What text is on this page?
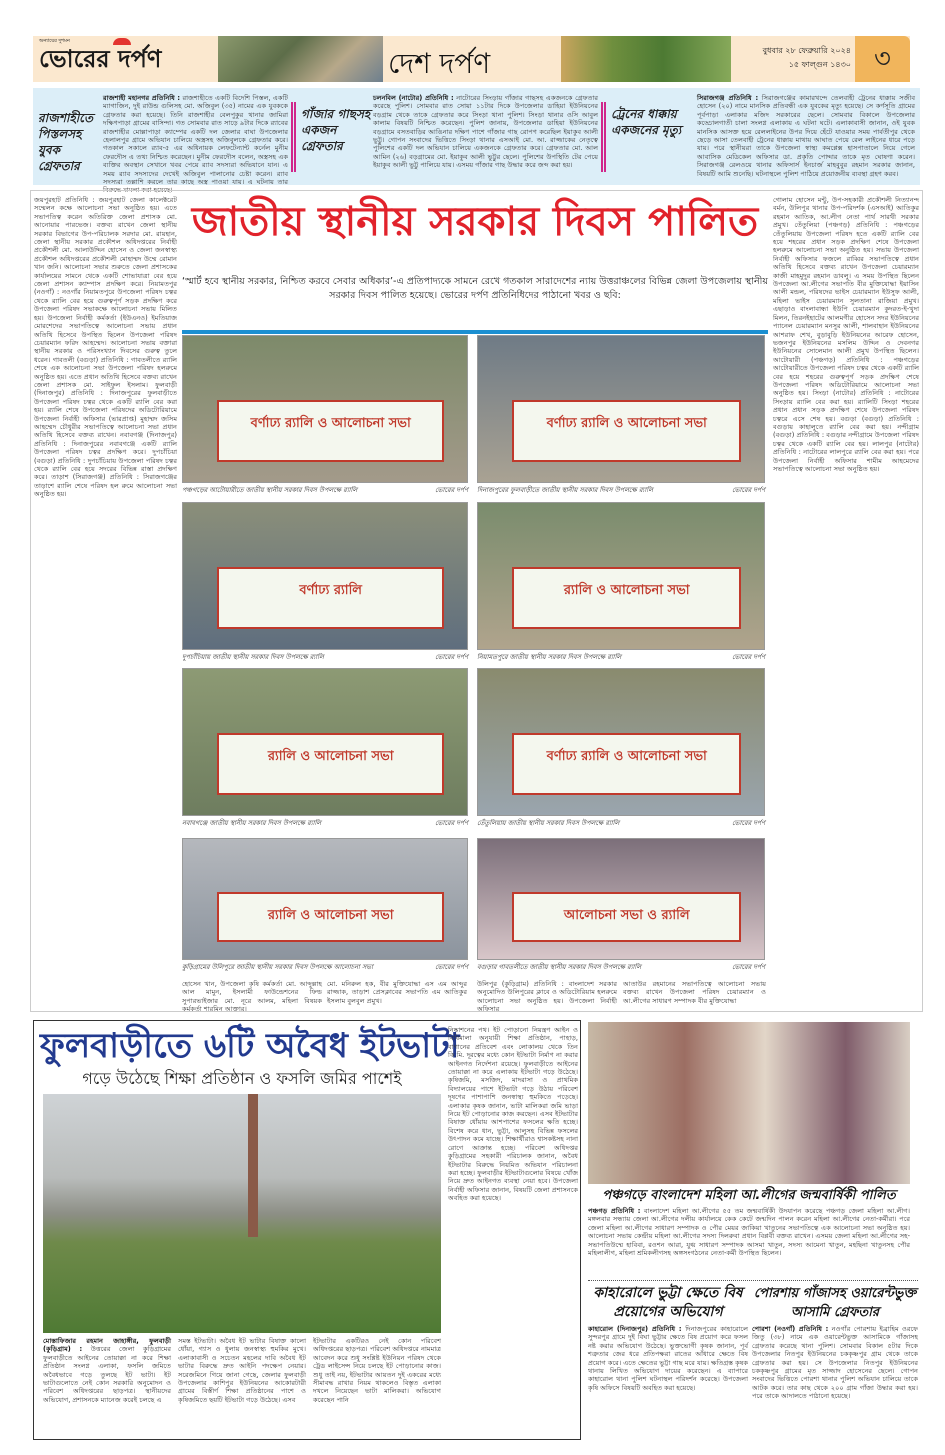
অন্যায়ের দুশমন
ভোরের দর্পণ	দেশ দর্পণ	বুধবার ২৮ ফেব্রুয়ারি ২০২৪
১৫ ফাল্গুন ১৪৩০ ৩
রাজশাহীতে পিস্তলসহ যুবক গ্রেফতার
রাজশাহী মহানগর প্রতিনিধি : রাজশাহীতে একটি বিদেশি পিস্তল, একটি ম্যাগাজিন, দুই রাউন্ড গুলিসহ মো. অজিবুল (৩৫) নামের এক যুবককে গ্রেফতার করা হয়েছে। তিনি রাজশাহীর বেলপুকুর থানার জামিরা দক্ষিণপাড়া গ্রামের বাসিন্দা। গত সোমবার রাত সাড়ে ৯টার দিকে র‌্যাবের রাজশাহীর মোল্লাপাড়া ক্যাম্পের একটি দল জেলার বাঘা উপজেলার হেলালপুর গ্রামে অভিযান চালিয়ে অস্ত্রসহ অজিবুলকে গ্রেফতার করে। গতকাল সকালে র‌্যাব-৫ এর অধিনায়ক লেফটেন্যান্ট কর্নেল মুনীম ফেরদৌস এ তথ্য নিশ্চিত করেছেন। মুনীম ফেরদৌস বলেন, অস্ত্রসহ এক ব্যক্তির অবস্থান সেখানে খবর পেয়ে র‌্যাব সদস্যরা অভিযানে যান। এ সময় র‌্যাব সদস্যদের দেখেই অজিবুল পালানোর চেষ্টা করেন। র‌্যাব সদস্যরা তল্লাশি করলে তার কাছে অস্ত্র পাওয়া যায়। এ ঘটনায় তার বিরুদ্ধে মামলা করা হয়েছে।
গাঁজার গাছসহ একজন গ্রেফতার
চলনবিল (নাটোর) প্রতিনিধি : নাটোরের সিংড়ায় গাঁজার গাছসহ একজনকে গ্রেফতার করেছে পুলিশ। সোমবার রাত সোয়া ১১টার দিকে উপজেলার ডাহিয়া ইউনিয়নের বড়গ্রাম থেকে তাকে গ্রেফতার করে সিংড়া থানা পুলিশ। সিংড়া থানার ওসি আবুল কালাম বিষয়টি নিশ্চিত করেছেন। পুলিশ জানায়, উপজেলার ডাহিয়া ইউনিয়নের বড়গ্রামে বসতবাড়ির আঙিনার দক্ষিণ পাশে গাঁজার গাছ রোপণ করেছিল ইয়াকুব আলী ভুট্টু। গোপন সংবাদের ভিত্তিতে সিংড়া থানার এসআই মো. আ. রাজ্জাকের নেতৃত্বে পুলিশের একটি দল অভিযান চালিয়ে একজনকে গ্রেফতার করে। গ্রেফতার মো. আল আমিন (২৬) বড়গ্রামের মো. ইয়াকুব আলী ভুট্টুর ছেলে। পুলিশের উপস্থিতি টের পেয়ে ইয়াকুব আলী ভুট্টু পালিয়ে যায়। এসময় গাঁজার গাছ উদ্ধার করে জব্দ করা হয়।
ট্রেনের ধাক্কায় একজনের মৃত্যু
সিরাজগঞ্জ প্রতিনিধি : সিরাজগঞ্জের কামারখন্দে তেলবাহী ট্রেনের ধাক্কায় সজীব হোসেন (২০) নামে মানসিক প্রতিবন্ধী এক যুবকের মৃত্যু হয়েছে। সে কর্ণসূতি গ্রামের পূর্বপাড়া এলাকার মজিদ সরকারের ছেলে। সোমবার বিকালে উপজেলার কড্ডোলগাতী চালা সংলগ্ন এলাকায় এ ঘটনা ঘটে। এলাকাবাসী জানান, ওই যুবক মানসিক আসক্ত হয়ে রেললাইনের উপর দিয়ে হেঁটে যাওয়ার সময় পার্বতীপুর থেকে ছেড়ে আসা তেলবাহী ট্রেনের ধাক্কায় মাথায় আঘাত পেয়ে রেল লাইনের ধারে পড়ে যায়। পরে স্থানীয়রা তাকে উপজেলা স্বাস্থ্য কমপ্লেক্স হাসপাতালে নিয়ে গেলে আবাসিক মেডিকেল অফিসার ডা. প্রকৃতি পোদ্দার তাকে মৃত ঘোষণা করেন। সিরাজগঞ্জ রেলওয়ে থানার অফিসার্স ইনচার্জ মাহবুবুর রহমান সরকার জানান, বিষয়টি আমি শুনেছি। ঘটনাস্থলে পুলিশ পাঠিয়ে প্রয়োজনীয় ব্যবস্থা গ্রহণ করব।
জয়পুরহাট প্রতিনিধি : জয়পুরহাট জেলা কালেক্টরেট সম্মেলন কক্ষে আলোচনা সভা অনুষ্ঠিত হয়। এতে সভাপতিত্ব করেন অতিরিক্ত জেলা প্রশাসক মো. আনোয়ার পারভেজ। বক্তব্য রাখেন জেলা স্থানীয় সরকার বিভাগের উপ-পরিচালক সরদার মো. রায়হান, জেলা স্থানীয় সরকার প্রকৌশল অধিদপ্তরের নির্বাহী প্রকৌশলী মো. আলাউদ্দিন হোসেন ও জেলা জনস্বাস্থ্য প্রকৌশল অধিদপ্তরের প্রকৌশলী মোহাম্মদ উম্মে রোমান খান জনি। আলোচনা সভার শুরুতে জেলা প্রশাসকের কার্যালয়ের সামনে থেকে একটি শোভাযাত্রা বের হয়ে জেলা প্রশাসন ক্যাম্পাস প্রদক্ষিণ করে। নিয়ামতপুর (নওগাঁ) : নওগাঁর নিয়ামতপুরে উপজেলা পরিষদ চত্বর থেকে র‌্যালি বের হয়ে গুরুত্বপূর্ণ সড়ক প্রদক্ষিণ করে উপজেলা পরিষদ সভাকক্ষে আলোচনা সভায় মিলিত হয়। উপজেলা নির্বাহী কর্মকর্তা (ইউএনও) ইমতিয়াজ মোরশেদের সভাপতিত্বে আলোচনা সভায় প্রধান অতিথি হিসেবে উপস্থিত ছিলেন উপজেলা পরিষদ চেয়ারম্যান ফরিদ আহম্মেদ। আলোচনা সভায় বক্তারা স্থানীয় সরকার ও পরিসংখ্যান দিবসের গুরুত্ব তুলে ধরেন। গাবতলী (বগুড়া) প্রতিনিধি : গাবতলীতে র‌্যালি শেষে এক আলোচনা সভা উপজেলা পরিষদ হলরুমে অনুষ্ঠিত হয়। এতে প্রধান অতিথি হিসেবে বক্তব্য রাখেন জেলা প্রশাসক মো. সাইফুল ইসলাম। ফুলবাড়ী (দিনাজপুর) প্রতিনিধি : দিনাজপুরের ফুলবাড়ীতে উপজেলা পরিষদ চত্বর থেকে একটি র‌্যালি বের করা হয়। র‌্যালি শেষে উপজেলা পরিষদের অডিটোরিয়ামে উপজেলা নির্বাহী অফিসার (ভারপ্রাপ্ত) মুহাম্মদ জসিম আহম্মেদ চৌধুরীর সভাপতিত্বে আলোচনা সভা প্রধান অতিথি হিসেবে বক্তব্য রাখেন। নবাবগঞ্জ (দিনাজপুর) প্রতিনিধি : দিনাজপুরের নবাবগঞ্জে একটি র‌্যালি উপজেলা পরিষদ চত্বর প্রদক্ষিণ করে। দুপচাঁচিয়া (বগুড়া) প্রতিনিধি : দুপচাঁচিয়ায় উপজেলা পরিষদ চত্বর থেকে র‌্যালি বের হয়ে সদরের বিভিন্ন রাস্তা প্রদক্ষিণ করে। তাড়াশ (সিরাজগঞ্জ) প্রতিনিধি : সিরাজগঞ্জের তাড়াশে র‌্যালি শেষে পরিষদ হল রুমে আলোচনা সভা অনুষ্ঠিত হয়।
গোলাম হোসেন মন্টু, উপ-সহকারী প্রকৌশলী নিত্যানন্দ বর্মন, উলিপুর থানার উপ-পরিদর্শক (এসআই) আতিকুর রহমান আতিক, আ.লীগ নেতা পার্থ সারথী সরকার প্রমুখ। তেঁতুলিয়া (পঞ্চগড়) প্রতিনিধি : পঞ্চগড়ের তেঁতুলিয়ায় উপজেলা পরিষদ হতে একটি র‌্যালি বের হয়ে শহরের প্রধান সড়ক প্রদক্ষিণ শেষে উপজেলা হলরুমে আলোচনা সভা অনুষ্ঠিত হয়। সভায় উপজেলা নির্বাহী অফিসার ফজলে রাব্বির সভাপতিত্বে প্রধান অতিথি হিসেবে বক্তব্য রাখেন উপজেলা চেয়ারম্যান কাজী মাহমুদুর রহমান ডাবলু। এ সময় উপস্থিত ছিলেন উপজেলা আ.লীগের সভাপতি বীর মুক্তিযোদ্ধা ইয়াসিন আলী মন্ডল, পরিষদের ভাইস চেয়ারম্যান ইউসুফ আলী, মহিলা ভাইস চেয়ারম্যান সুলতানা রাজিয়া প্রমুখ। এছাড়াও বাংলাবান্ধা ইউপি চেয়ারম্যান কুদরত-ই-খুদা মিলন, তিরনইহাটের আলমগীর হোসেন সদর ইউনিয়নের প্যানেল চেয়ারম্যান মনসুর আলী, শালবাহান ইউনিয়নের আশরাফ শেখ, বুড়াবুড়ি ইউনিয়নের আরেফ হোসেন, ভজনপুর ইউনিয়নের মসলিম উদ্দিন ও দেবনগর ইউনিয়নের সোলেমান আলী প্রমুখ উপস্থিত ছিলেন। আটোয়ারী (পঞ্চগড়) প্রতিনিধি : পঞ্চগড়ের আটোয়ারীতে উপজেলা পরিষদ চত্বর থেকে একটি র‌্যালি বের হয়ে শহরের গুরুত্বপূর্ণ সড়ক প্রদক্ষিণ শেষে উপজেলা পরিষদ অডিটোরিয়ামে আলোচনা সভা অনুষ্ঠিত হয়। সিংড়া (নাটোর) প্রতিনিধি : নাটোরের সিংড়ায় র‌্যালি বের করা হয়। র‌্যালিটি সিংড়া শহরের প্রধান প্রধান সড়ক প্রদক্ষিণ শেষে উপজেলা পরিষদ চত্বরে এসে শেষ হয়। বগুড়া (বগুড়া) প্রতিনিধি : বগুড়ায় কাহালুতে র‌্যালি বের করা হয়। নন্দীগ্রাম (বগুড়া) প্রতিনিধি : বগুড়ার নন্দীগ্রামে উপজেলা পরিষদ চত্বর থেকে একটি র‌্যালি বের হয়। লালপুর (নাটোর) প্রতিনিধি : নাটোরের লালপুরে র‌্যালি বের করা হয়। পরে উপজেলা নির্বাহী অফিসার শামীম আহমেদের সভাপতিত্বে আলোচনা সভা অনুষ্ঠিত হয়।
জাতীয় স্থানীয় সরকার দিবস পালিত
‘স্মার্ট হবে স্থানীয় সরকার, নিশ্চিত করবে সেবার অধিকার’-এ প্রতিপাদ্যকে সামনে রেখে গতকাল সারাদেশের ন্যায় উত্তরাঞ্চলের বিভিন্ন জেলা উপজেলায় স্থানীয় সরকার দিবস পালিত হয়েছে। ভোরের দর্পণ প্রতিনিধিদের পাঠানো খবর ও ছবি:
বর্ণাঢ্য র‌্যালি ও আলোচনা সভা
পঞ্চগড়ের আটোয়ারীতে জাতীয় স্থানীয় সরকার দিবস উপলক্ষে র‌্যালি	ভোরের দর্পণ
বর্ণাঢ্য র‌্যালি ও আলোচনা সভা
দিনাজপুরের ফুলবাড়ীতে জাতীয় স্থানীয় সরকার দিবস উপলক্ষে র‌্যালি	ভোরের দর্পণ
বর্ণাঢ্য র‌্যালি
দুপচাঁচিয়ায় জাতীয় স্থানীয় সরকার দিবস উপলক্ষে র‌্যালি	ভোরের দর্পণ
র‌্যালি ও আলোচনা সভা
নিয়ামতপুরে জাতীয় স্থানীয় সরকার দিবস উপলক্ষে র‌্যালি	ভোরের দর্পণ
র‌্যালি ও আলোচনা সভা
নবাবগঞ্জে জাতীয় স্থানীয় সরকার দিবস উপলক্ষে র‌্যালি	ভোরের দর্পণ
বর্ণাঢ্য র‌্যালি ও আলোচনা সভা
তেঁতুলিয়ায় জাতীয় স্থানীয় সরকার দিবস উপলক্ষে র‌্যালি	ভোরের দর্পণ
র‌্যালি ও আলোচনা সভা
কুড়িগ্রামের উলিপুরে জাতীয় স্থানীয় সরকার দিবস উপলক্ষে আলোচনা সভা	ভোরের দর্পণ
আলোচনা সভা ও র‌্যালি
বগুড়ার গাবতলীতে জাতীয় স্থানীয় সরকার দিবস উপলক্ষে র‌্যালি	ভোরের দর্পণ
হোসেন খান, উপজেলা কৃষি কর্মকর্তা মো. আব্দুল্লাহ আল মামুন, ইসলামী ফাউন্ডেশনের ফিল্ড সুপারভাইজার মো. নূরে আলম, মহিলা বিষয়ক কর্মকর্তা শারমিন আক্তার।
মো. মনিরুল হক, বীর মুক্তিযোদ্ধা এস এম আব্দুর রাজ্জাক, তাড়াশ প্রেসক্লাবের সভাপতি এম আতিকুর ইসলাম বুলবুল প্রমুখ।
উলিপুর (কুড়িগ্রাম) প্রতিনিধি : বাংলাদেশ সরকার অনুমোদিত উলিপুরের ক্লাবে ও অডিটোরিয়াম হলরুমে আলোচনা সভা অনুষ্ঠিত হয়। উপজেলা নির্বাহী অফিসার
আতাউর রহমানের সভাপতিত্বে আলোচনা সভায় বক্তব্য রাখেন উপজেলা পরিষদ চেয়ারম্যান ও আ.লীগের সাধারণ সম্পাদক বীর মুক্তিযোদ্ধা
ফুলবাড়ীতে ৬টি অবৈধ ইটভাটা
গড়ে উঠেছে শিক্ষা প্রতিষ্ঠান ও ফসলি জমির পাশেই
মোস্তাফিজার রহমান জাহাঙ্গীর, ফুলবাড়ী (কুড়িগ্রাম) : উত্তরের জেলা কুড়িগ্রামের ফুলবাড়ীতে আইনের তোয়াক্কা না করে শিক্ষা প্রতিষ্ঠান সংলগ্ন এলাকা, ফসলি জমিতে অবৈধভাবে গড়ে তুলছে ইট ভাটা। ইট ভাটাগুলোতে নেই কোন সরকারি অনুমোদন ও পরিবেশ অধিদপ্তরের ছাড়পত্র। স্থানীয়দের অভিযোগ, প্রশাসনকে ম্যানেজ করেই চলছে এ
সমস্ত ইটভাটা। অবৈধ ইট ভাটার বিষাক্ত কালো ধোঁয়া, গ্যাস ও ধুলায় জনস্বাস্থ্য হুমকির মুখে। এলাকাবাসী ও সচেতন মহলের দাবি অবৈধ ইট ভাটার বিরুদ্ধে দ্রুত আইনি পদক্ষেপ নেয়ার। সরেজমিনে গিয়ে জানা গেছে, জেলার ফুলবাড়ী উপজেলার কাশিপুর ইউনিয়নের আকোরটারী গ্রামের বিস্তীর্ণ শিক্ষা প্রতিষ্ঠানের পাশে ও কৃষিজমিতে ছয়টি ইটভাটা গড়ে উঠেছে। এসব
ইটভাটার একটিরও নেই কোন পরিবেশ অধিদপ্তরের ছাড়পত্র। পরিবেশ অধিদপ্তরে নামমাত্র আবেদন করে শুধু সংশ্লিষ্ট ইউনিয়ন পরিষদ থেকে ট্রেড লাইসেন্স নিয়ে চলছে ইট পোড়ানোর কাজ। শুধু তাই নয়, ইটভাটার আয়তন দুই একরের মধ্যে সীমাবদ্ধ রাখার নিয়ম থাকলেও বিস্তৃত এলাকা দখলে নিয়েছেন ভাটা মালিকরা। অভিযোগ করেছেন পানি
নিষ্কাশনের পথ। ইট পোড়ানো নিয়ন্ত্রণ আইন ও বিধিমালা অনুযায়ী শিক্ষা প্রতিষ্ঠান, পাহাড়, বাগানের প্রতিবেশ এবং লোকালয় থেকে তিন কি.মি. দূরত্বের মধ্যে কোন ইটভাটা নির্মাণ না করার আইনগত নির্দেশনা রয়েছে। ফুলবাড়ীতে আইনের তোয়াক্কা না করে এলাকায় ইটভাটা গড়ে উঠেছে। কৃষিজমি, মসজিদ, মাদরাসা ও প্রাথমিক বিদ্যালয়ের পাশে ইটভাটা গড়ে উঠায় পরিবেশ দূষণের পাশাপাশি জনস্বাস্থ্য হুমকিতে পড়েছে। এলাকার কৃষক জানান, ভাটা মালিকরা জমি ভাড়া নিয়ে ইট পোড়ানোর কাজ করছেন। এসব ইটভাটার বিষাক্ত ধোঁয়ায় আশপাশের ফসলের ক্ষতি হচ্ছে। বিশেষ করে ধান, ভুট্টা, আলুসহ বিভিন্ন ফসলের উৎপাদন কমে যাচ্ছে। শিক্ষার্থীরাও শ্বাসকষ্টসহ নানা রোগে আক্রান্ত হচ্ছে। পরিবেশ অধিদপ্তর কুড়িগ্রামের সহকারী পরিচালক জানান, অবৈধ ইটভাটার বিরুদ্ধে নিয়মিত অভিযান পরিচালনা করা হচ্ছে। ফুলবাড়ীর ইটভাটাগুলোর বিষয়ে খোঁজ নিয়ে দ্রুত আইনগত ব্যবস্থা নেয়া হবে। উপজেলা নির্বাহী অফিসার জানান, বিষয়টি জেলা প্রশাসনকে অবহিত করা হয়েছে।	পঞ্চগড়ে বাংলাদেশ মহিলা আ.লীগের জন্মবার্ষিকী পালিত
পঞ্চগড় প্রতিনিধি : বাংলাদেশ মহিলা আ.লীগের ৫৫ তম জন্মবার্ষিকী উদযাপন করেছে পঞ্চগড় জেলা মহিলা আ.লীগ। মঙ্গলবার সন্ধ্যায় জেলা আ.লীগের দলীয় কার্যালয়ে কেক কেটে জন্মদিন পালন করেন মহিলা আ.লীগের নেতা-কর্মীরা। পরে জেলা মহিলা আ.লীগের সাধারণ সম্পাদক ও পৌর মেয়র জাকিয়া খাতুনের সভাপতিত্বে এক আলোচনা সভা অনুষ্ঠিত হয়। আলোচনা সভায় কেন্দ্রীয় মহিলা আ.লীগের সদস্য দিলরুবা প্রধান বিপ্লবী বক্তব্য রাখেন। এসময় জেলা মহিলা আ.লীগের সহ-সভাপতিউম্মে হাবিবা, রওশন আরা, যুগ্ম সাধারণ সম্পাদক আসমা খাতুন, সদস্য আমেনা খাতুন, মহছিনা খাতুনসহ পৌর মহিলালীগ, মহিলা শ্রমিকলীগসহ অঙ্গসংগঠনের নেতা-কর্মী উপস্থিত ছিলেন।
কাহারোলে ভুট্টা ক্ষেতে বিষ প্রয়োগের অভিযোগ
কাহারোল (দিনাজপুর) প্রতিনিধি : দিনাজপুরের কাহারোলে সুন্দরপুর গ্রামে দুই বিঘা ভুট্টার ক্ষেতে বিষ প্রয়োগ করে ফসল নষ্ট করার অভিযোগ উঠেছে। ভুক্তভোগী কৃষক জানান, পূর্ব শত্রুতার জের ধরে প্রতিপক্ষরা রাতের আঁধারে ক্ষেতে বিষ প্রয়োগ করে। এতে ক্ষেতের ভুট্টা গাছ মরে যায়। ক্ষতিগ্রস্ত কৃষক থানায় লিখিত অভিযোগ দায়ের করেছেন। এ ব্যাপারে কাহারোল থানা পুলিশ ঘটনাস্থল পরিদর্শন করেছে। উপজেলা কৃষি অফিসে বিষয়টি অবহিত করা হয়েছে।
পোরশায় গাঁজাসহ ওয়ারেন্টভুক্ত আসামি গ্রেফতার
পোরশা (নওগাঁ) প্রতিনিধি : নওগাঁর পোরশায় ইব্রাহিম ওরফে জিতু (৩৮) নামে এক ওয়ারেন্টভুক্ত আসামিকে গাঁজাসহ গ্রেফতার করেছে থানা পুলিশ। সোমবার বিকাল ৫টার দিকে উপজেলার নিতপুর ইউনিয়নের চককৃষ্ণপুর গ্রাম থেকে তাকে গ্রেফতার করা হয়। সে উপজেলার নিতপুর ইউনিয়নের চককৃষ্ণপুর গ্রামের মৃত সাজ্জাদ হোসেনের ছেলে। গোপন সংবাদের ভিত্তিতে পোরশা থানার পুলিশ অভিযান চালিয়ে তাকে আটক করে। তার কাছ থেকে ২০০ গ্রাম গাঁজা উদ্ধার করা হয়। পরে তাকে আদালতে পাঠানো হয়েছে।
